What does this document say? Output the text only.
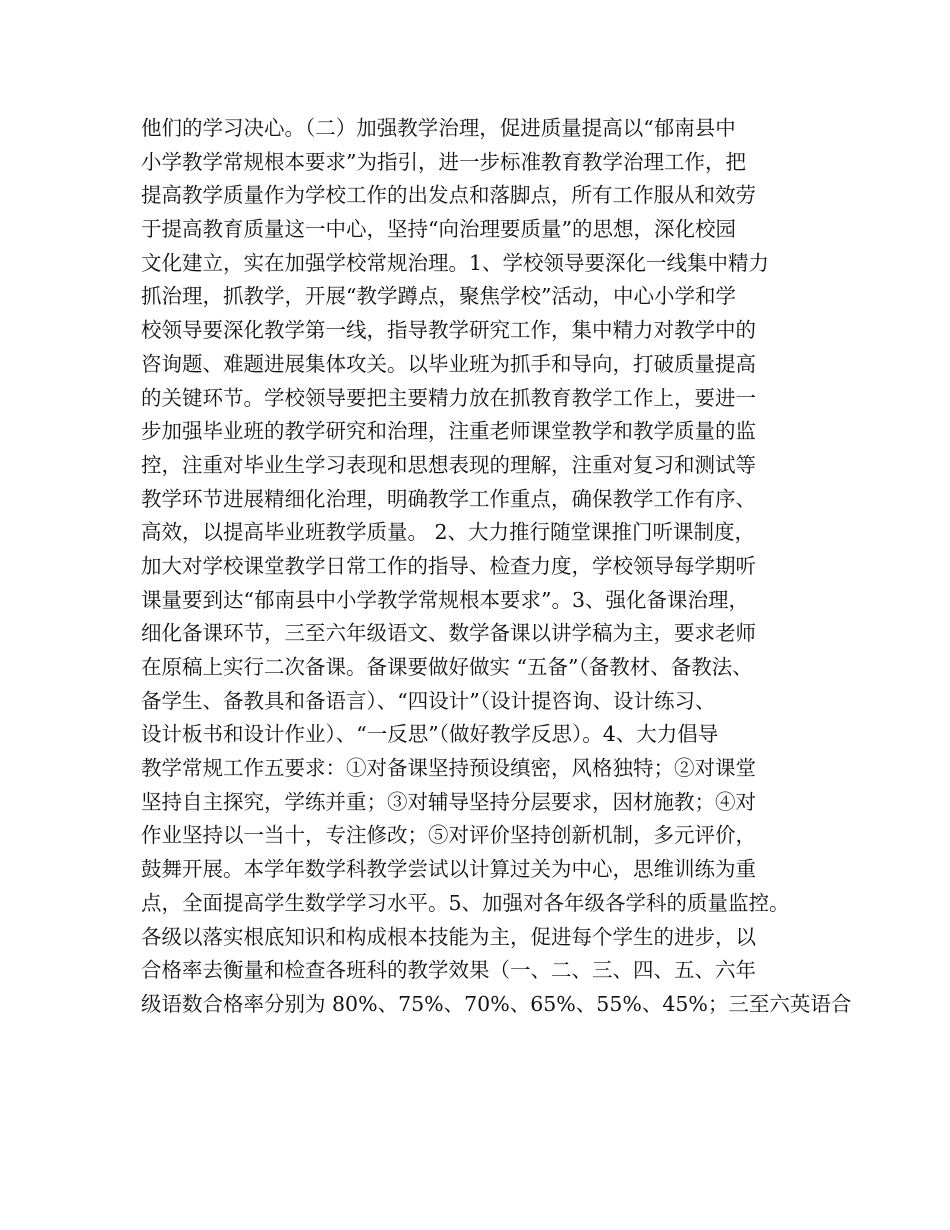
他们的学习决心。（二）加强教学治理，促进质量提高以“郁南县中
小学教学常规根本要求”为指引，进一步标准教育教学治理工作，把
提高教学质量作为学校工作的出发点和落脚点，所有工作服从和效劳
于提高教育质量这一中心，坚持“向治理要质量”的思想，深化校园
文化建立，实在加强学校常规治理。1、学校领导要深化一线集中精力
抓治理，抓教学，开展“教学蹲点，聚焦学校”活动，中心小学和学
校领导要深化教学第一线，指导教学研究工作，集中精力对教学中的
咨询题、难题进展集体攻关。以毕业班为抓手和导向，打破质量提高
的关键环节。学校领导要把主要精力放在抓教育教学工作上，要进一
步加强毕业班的教学研究和治理，注重老师课堂教学和教学质量的监
控，注重对毕业生学习表现和思想表现的理解，注重对复习和测试等
教学环节进展精细化治理，明确教学工作重点，确保教学工作有序、
高效，以提高毕业班教学质量。 2、大力推行随堂课推门听课制度，
加大对学校课堂教学日常工作的指导、检查力度，学校领导每学期听
课量要到达“郁南县中小学教学常规根本要求”。3、强化备课治理，
细化备课环节，三至六年级语文、数学备课以讲学稿为主，要求老师
在原稿上实行二次备课。备课要做好做实 “五备”（备教材、备教法、
备学生、备教具和备语言）、“四设计”（设计提咨询、设计练习、
设计板书和设计作业）、“一反思”（做好教学反思）。4、大力倡导
教学常规工作五要求：①对备课坚持预设缜密，风格独特；②对课堂
坚持自主探究，学练并重；③对辅导坚持分层要求，因材施教；④对
作业坚持以一当十，专注修改；⑤对评价坚持创新机制，多元评价，
鼓舞开展。本学年数学科教学尝试以计算过关为中心，思维训练为重
点，全面提高学生数学学习水平。5、加强对各年级各学科的质量监控。
各级以落实根底知识和构成根本技能为主，促进每个学生的进步，以
合格率去衡量和检查各班科的教学效果（一、二、三、四、五、六年
级语数合格率分别为 80%、75%、70%、65%、55%、45%；三至六英语合
